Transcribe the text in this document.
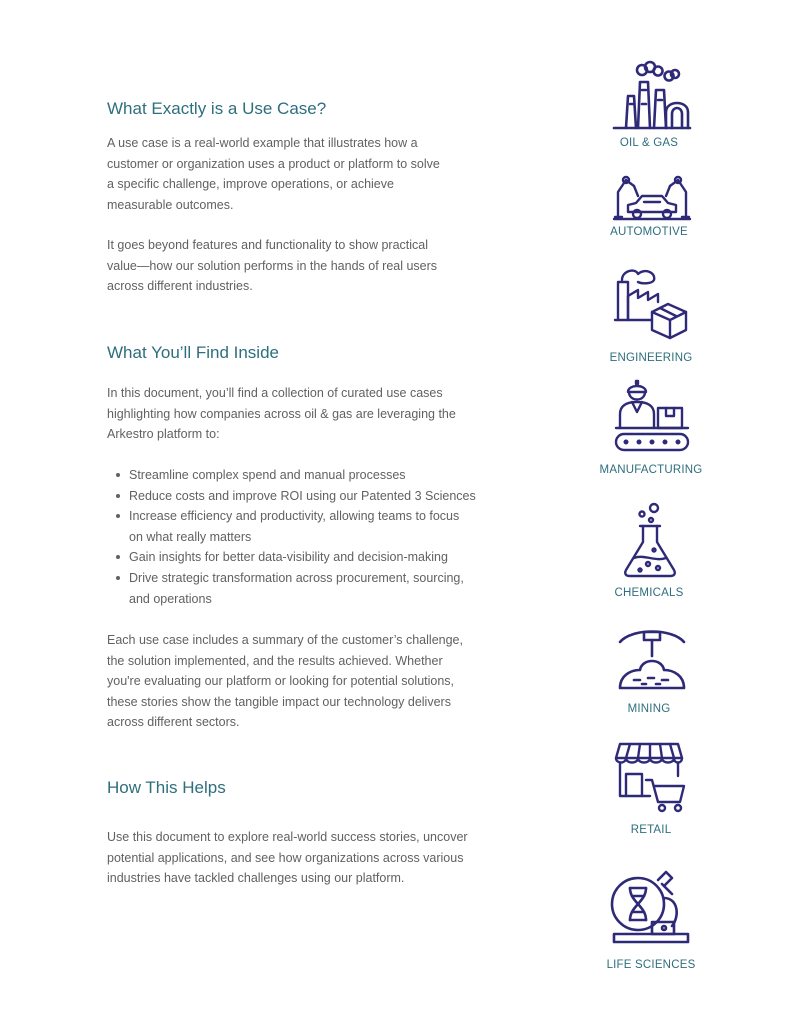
What Exactly is a Use Case?

A use case is a real-world example that illustrates how a
customer or organization uses a product or platform to solve
a specific challenge, improve operations, or achieve
measurable outcomes.

It goes beyond features and functionality to show practical
value—how our solution performs in the hands of real users
across different industries.

What You’ll Find Inside

In this document, you’ll find a collection of curated use cases
highlighting how companies across oil & gas are leveraging the
Arkestro platform to:

Streamline complex spend and manual processes
Reduce costs and improve ROI using our Patented 3 Sciences
Increase efficiency and productivity, allowing teams to focus
on what really matters
Gain insights for better data-visibility and decision-making
Drive strategic transformation across procurement, sourcing,
and operations

Each use case includes a summary of the customer’s challenge,
the solution implemented, and the results achieved. Whether
you're evaluating our platform or looking for potential solutions,
these stories show the tangible impact our technology delivers
across different sectors.

How This Helps

Use this document to explore real-world success stories, uncover
potential applications, and see how organizations across various
industries have tackled challenges using our platform.

OIL & GAS
AUTOMOTIVE
ENGINEERING
MANUFACTURING
CHEMICALS
MINING
RETAIL
LIFE SCIENCES
